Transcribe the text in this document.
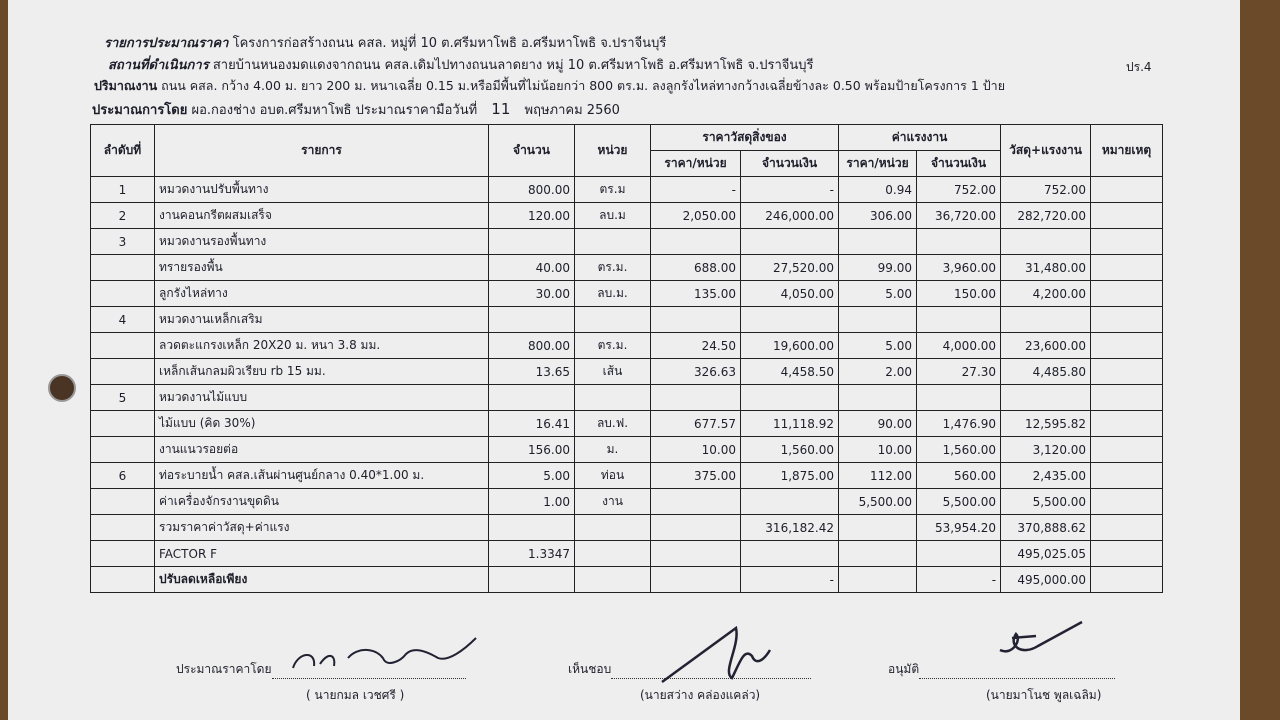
รายการประมาณราคา โครงการก่อสร้างถนน คสล. หมู่ที่ 10 ต.ศรีมหาโพธิ อ.ศรีมหาโพธิ จ.ปราจีนบุรี
สถานที่ดำเนินการ สายบ้านหนองมดแดงจากถนน คสล.เดิมไปทางถนนลาดยาง หมู่ 10 ต.ศรีมหาโพธิ อ.ศรีมหาโพธิ จ.ปราจีนบุรี
ปริมาณงาน ถนน คสล. กว้าง 4.00 ม. ยาว 200 ม. หนาเฉลี่ย 0.15 ม.หรือมีพื้นที่ไม่น้อยกว่า 800 ตร.ม. ลงลูกรังไหล่ทางกว้างเฉลี่ยข้างละ 0.50 พร้อมป้ายโครงการ 1 ป้าย
ประมาณการโดย ผอ.กองช่าง อบต.ศรีมหาโพธิ ประมาณราคามือวันที่ 11 พฤษภาคม 2560
ปร.4
ลำดับที่	รายการ	จำนวน	หน่วย	ราคาวัสดุสิ่งของ		ค่าแรงงาน		วัสดุ+แรงงาน	หมายเหตุ
				ราคา/หน่วย	จำนวนเงิน	ราคา/หน่วย	จำนวนเงิน		
1	หมวดงานปรับพื้นทาง	800.00	ตร.ม	-	-	0.94	752.00	752.00	
2	งานคอนกรีตผสมเสร็จ	120.00	ลบ.ม	2,050.00	246,000.00	306.00	36,720.00	282,720.00	
3	หมวดงานรองพื้นทาง								
	ทรายรองพื้น	40.00	ตร.ม.	688.00	27,520.00	99.00	3,960.00	31,480.00	
	ลูกรังไหล่ทาง	30.00	ลบ.ม.	135.00	4,050.00	5.00	150.00	4,200.00	
4	หมวดงานเหล็กเสริม								
	ลวดตะแกรงเหล็ก 20X20 ม. หนา 3.8 มม.	800.00	ตร.ม.	24.50	19,600.00	5.00	4,000.00	23,600.00	
	เหล็กเส้นกลมผิวเรียบ rb 15 มม.	13.65	เส้น	326.63	4,458.50	2.00	27.30	4,485.80	
5	หมวดงานไม้แบบ								
	ไม้แบบ (คิด 30%)	16.41	ลบ.ฟ.	677.57	11,118.92	90.00	1,476.90	12,595.82	
	งานแนวรอยต่อ	156.00	ม.	10.00	1,560.00	10.00	1,560.00	3,120.00	
6	ท่อระบายน้ำ คสล.เส้นผ่านศูนย์กลาง 0.40*1.00 ม.	5.00	ท่อน	375.00	1,875.00	112.00	560.00	2,435.00	
	ค่าเครื่องจักรงานขุดดิน	1.00	งาน			5,500.00	5,500.00	5,500.00	
	รวมราคาค่าวัสดุ+ค่าแรง				316,182.42		53,954.20	370,888.62	
	FACTOR F	1.3347						495,025.05	
	ปรับลดเหลือเพียง				-		-	495,000.00	
ประมาณราคาโดย
( นายกมล เวชศรี )
เห็นชอบ
(นายสว่าง คล่องแคล่ว)
อนุมัติ
(นายมาโนช พูลเฉลิม)
